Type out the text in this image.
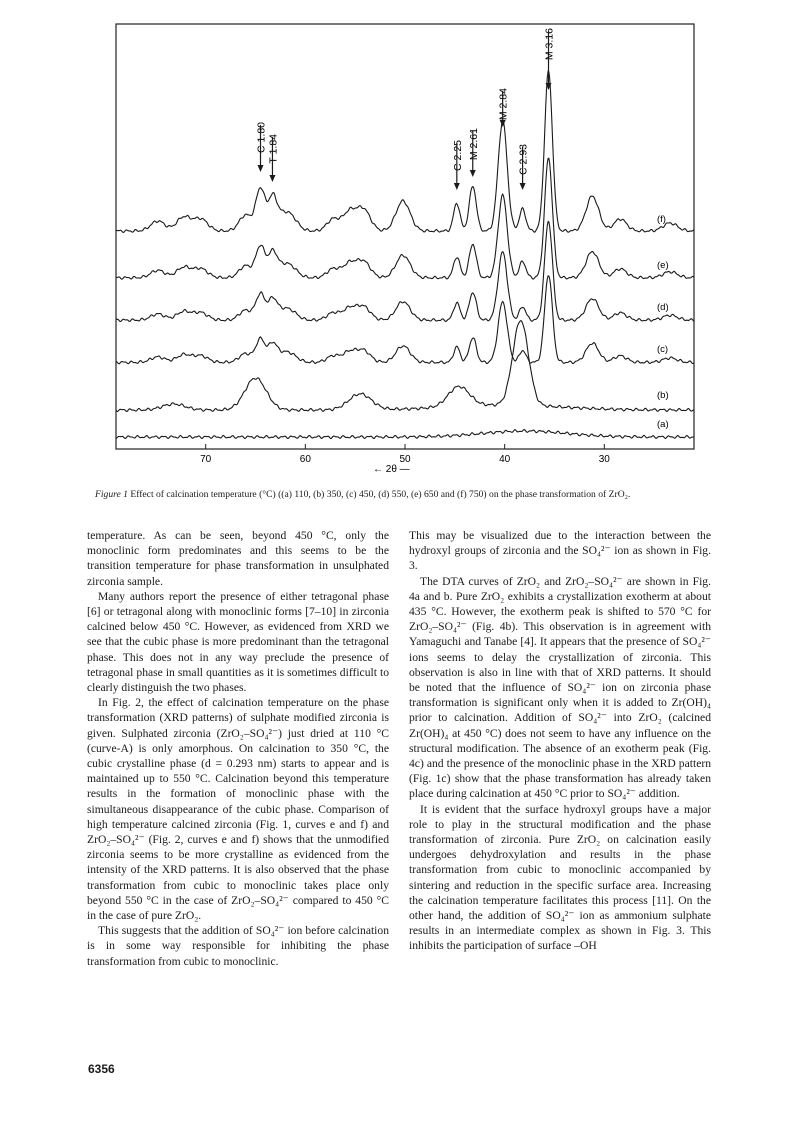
70	60	50	40	30
C 1.80 T 1.84	C 2.25 M 2.61
M 2.84
C 2.93
M 3.16
(a)
(b)
(c)
(d)
(e)
(f)
← 2θ —
Figure 1 Effect of calcination temperature (°C) ((a) 110, (b) 350, (c) 450, (d) 550, (e) 650 and (f) 750) on the phase transformation of ZrO₂.

temperature. As can be seen, beyond 450 °C, only the monoclinic form predominates and this seems to be the transition temperature for phase transformation in unsulphated zirconia sample.

Many authors report the presence of either tetragonal phase [6] or tetragonal along with monoclinic forms [7–10] in zirconia calcined below 450 °C. However, as evidenced from XRD we see that the cubic phase is more predominant than the tetragonal phase. This does not in any way preclude the presence of tetragonal phase in small quantities as it is sometimes difficult to clearly distinguish the two phases.

In Fig. 2, the effect of calcination temperature on the phase transformation (XRD patterns) of sulphate modified zirconia is given. Sulphated zirconia (ZrO₂–SO₄²⁻) just dried at 110 °C (curve-A) is only amorphous. On calcination to 350 °C, the cubic crystalline phase (d = 0.293 nm) starts to appear and is maintained up to 550 °C. Calcination beyond this temperature results in the formation of monoclinic phase with the simultaneous disappearance of the cubic phase. Comparison of high temperature calcined zirconia (Fig. 1, curves e and f) and ZrO₂–SO₄²⁻ (Fig. 2, curves e and f) shows that the unmodified zirconia seems to be more crystalline as evidenced from the intensity of the XRD patterns. It is also observed that the phase transformation from cubic to monoclinic takes place only beyond 550 °C in the case of ZrO₂–SO₄²⁻ compared to 450 °C in the case of pure ZrO₂.

This suggests that the addition of SO₄²⁻ ion before calcination is in some way responsible for inhibiting the phase transformation from cubic to monoclinic.

This may be visualized due to the interaction between the hydroxyl groups of zirconia and the SO₄²⁻ ion as shown in Fig. 3.

The DTA curves of ZrO₂ and ZrO₂–SO₄²⁻ are shown in Fig. 4a and b. Pure ZrO₂ exhibits a crystallization exotherm at about 435 °C. However, the exotherm peak is shifted to 570 °C for ZrO₂–SO₄²⁻ (Fig. 4b). This observation is in agreement with Yamaguchi and Tanabe [4]. It appears that the presence of SO₄²⁻ ions seems to delay the crystallization of zirconia. This observation is also in line with that of XRD patterns. It should be noted that the influence of SO₄²⁻ ion on zirconia phase transformation is significant only when it is added to Zr(OH)₄ prior to calcination. Addition of SO₄²⁻ into ZrO₂ (calcined Zr(OH)₄ at 450 °C) does not seem to have any influence on the structural modification. The absence of an exotherm peak (Fig. 4c) and the presence of the monoclinic phase in the XRD pattern (Fig. 1c) show that the phase transformation has already taken place during calcination at 450 °C prior to SO₄²⁻ addition.

It is evident that the surface hydroxyl groups have a major role to play in the structural modification and the phase transformation of zirconia. Pure ZrO₂ on calcination easily undergoes dehydroxylation and results in the phase transformation from cubic to monoclinic accompanied by sintering and reduction in the specific surface area. Increasing the calcination temperature facilitates this process [11]. On the other hand, the addition of SO₄²⁻ ion as ammonium sulphate results in an intermediate complex as shown in Fig. 3. This inhibits the participation of surface –OH

6356
